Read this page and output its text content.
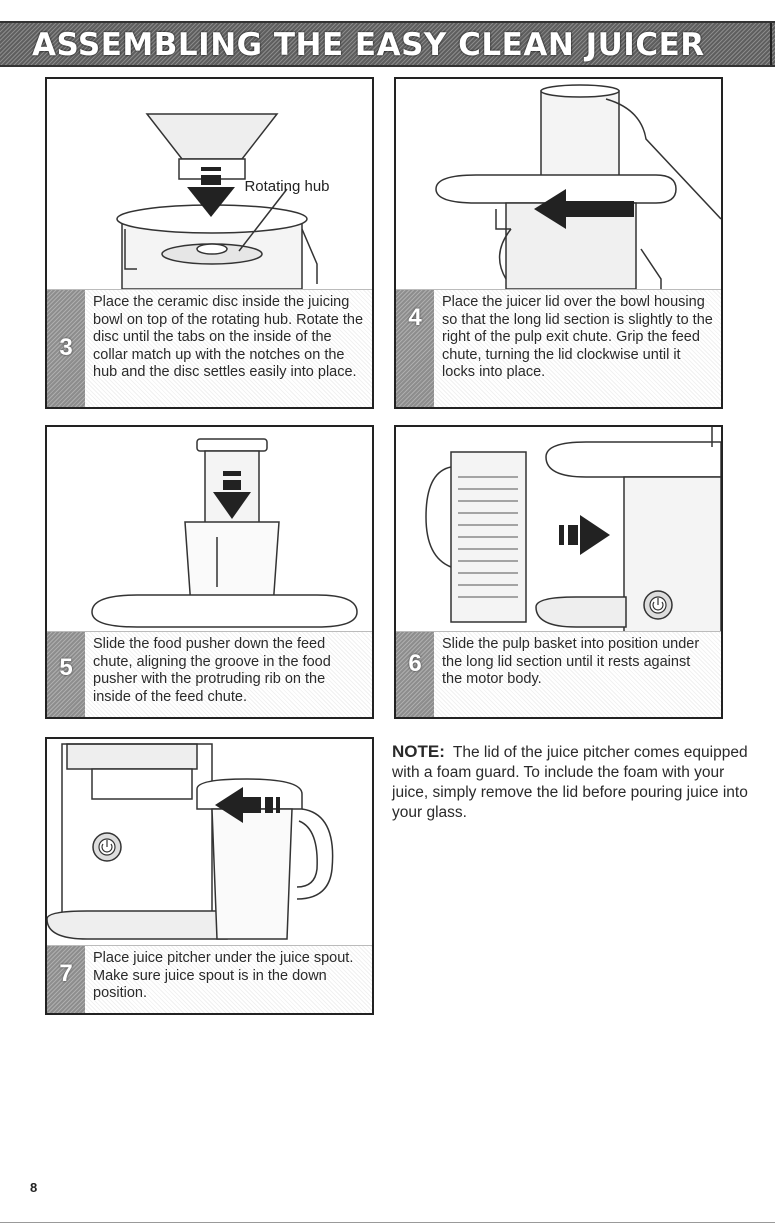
ASSEMBLING THE EASY CLEAN JUICER
Rotating hub
3
Place the ceramic disc inside the juicing bowl on top of the rotating hub. Rotate the disc until the tabs on the inside of the collar match up with the notches on the hub and the disc settles easily into place.
4
Place the juicer lid over the bowl housing so that the long lid section is slightly to the right of the pulp exit chute. Grip the feed chute, turning the lid clockwise until it locks into place.
5
Slide the food pusher down the feed chute, aligning the groove in the food pusher with the protruding rib on the inside of the feed chute.
6
Slide the pulp basket into position under the long lid section until it rests against the motor body.
7
Place juice pitcher under the juice spout. Make sure juice spout is in the down position.
NOTE: The lid of the juice pitcher comes equipped with a foam guard. To include the foam with your juice, simply remove the lid before pouring juice into your glass.
8
